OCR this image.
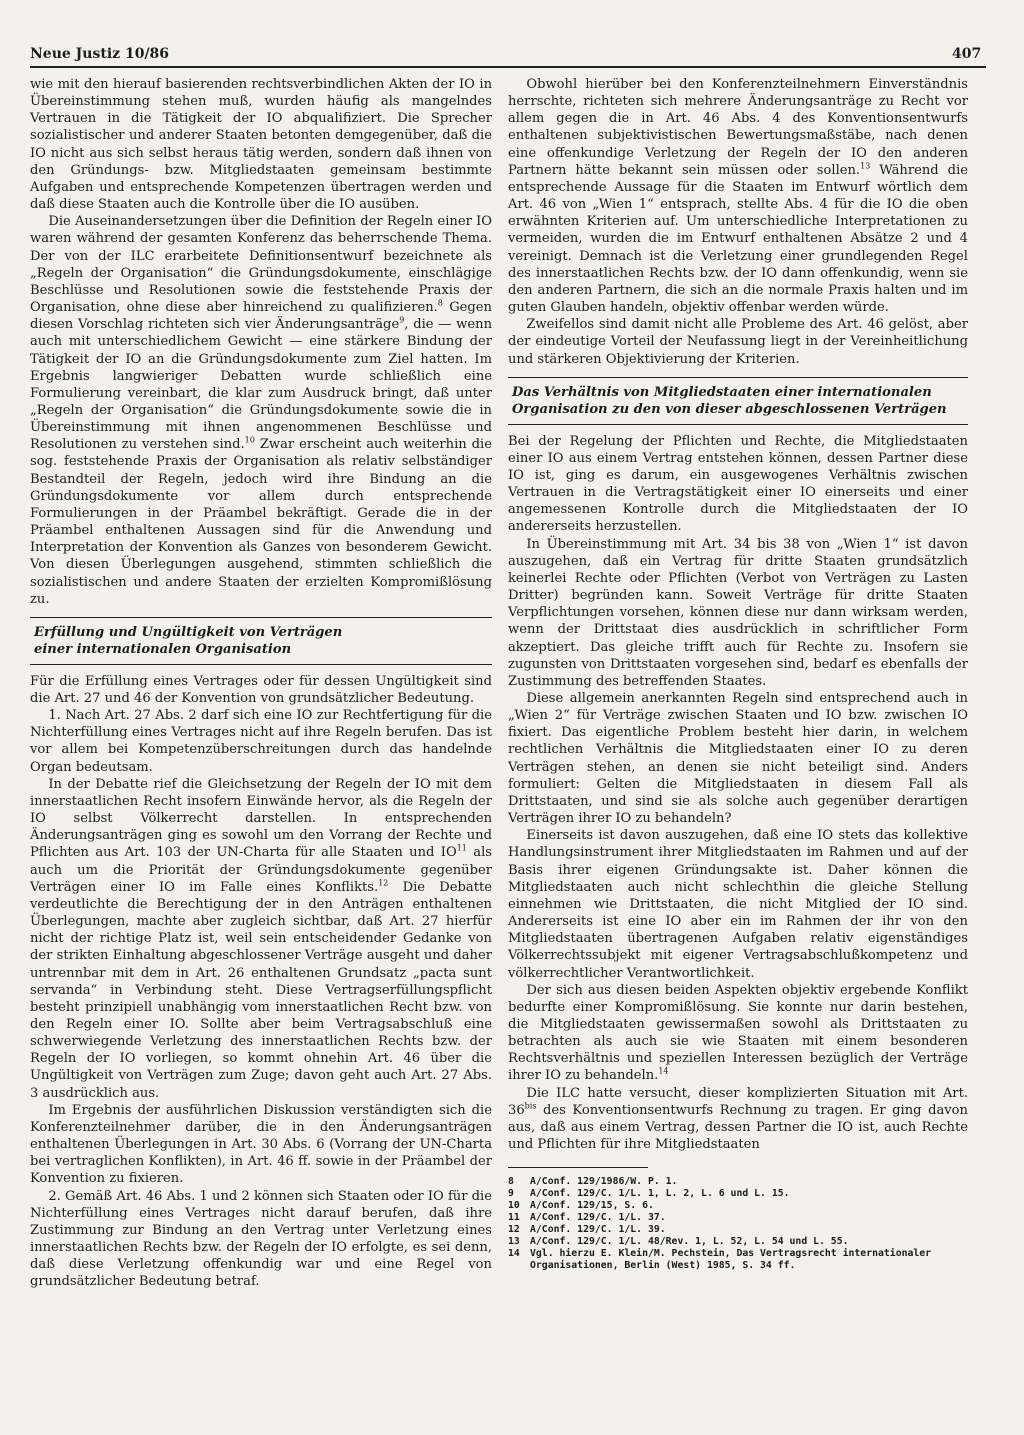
Neue Justiz 10/86	407

wie mit den hierauf basierenden rechtsverbindlichen Akten der IO in Übereinstimmung stehen muß, wurden häufig als mangelndes Vertrauen in die Tätigkeit der IO abqualifiziert. Die Sprecher sozialistischer und anderer Staaten betonten demgegenüber, daß die IO nicht aus sich selbst heraus tätig werden, sondern daß ihnen von den Gründungs- bzw. Mitgliedstaaten gemeinsam bestimmte Aufgaben und entsprechende Kompetenzen übertragen werden und daß diese Staaten auch die Kontrolle über die IO ausüben.

Die Auseinandersetzungen über die Definition der Regeln einer IO waren während der gesamten Konferenz das beherrschende Thema. Der von der ILC erarbeitete Definitionsentwurf bezeichnete als „Regeln der Organisation“ die Gründungsdokumente, einschlägige Beschlüsse und Resolutionen sowie die feststehende Praxis der Organisation, ohne diese aber hinreichend zu qualifizieren.$^8$ Gegen diesen Vorschlag richteten sich vier Änderungsanträge$^9$, die — wenn auch mit unterschiedlichem Gewicht — eine stärkere Bindung der Tätigkeit der IO an die Gründungsdokumente zum Ziel hatten. Im Ergebnis langwieriger Debatten wurde schließlich eine Formulierung vereinbart, die klar zum Ausdruck bringt, daß unter „Regeln der Organisation“ die Gründungsdokumente sowie die in Übereinstimmung mit ihnen angenommenen Beschlüsse und Resolutionen zu verstehen sind.$^{10}$ Zwar erscheint auch weiterhin die sog. feststehende Praxis der Organisation als relativ selbständiger Bestandteil der Regeln, jedoch wird ihre Bindung an die Gründungsdokumente vor allem durch entsprechende Formulierungen in der Präambel bekräftigt. Gerade die in der Präambel enthaltenen Aussagen sind für die Anwendung und Interpretation der Konvention als Ganzes von besonderem Gewicht. Von diesen Überlegungen ausgehend, stimmten schließlich die sozialistischen und andere Staaten der erzielten Kompromißlösung zu.

Erfüllung und Ungültigkeit von Verträgen
einer internationalen Organisation

Für die Erfüllung eines Vertrages oder für dessen Ungültigkeit sind die Art. 27 und 46 der Konvention von grundsätzlicher Bedeutung.

1. Nach Art. 27 Abs. 2 darf sich eine IO zur Rechtfertigung für die Nichterfüllung eines Vertrages nicht auf ihre Regeln berufen. Das ist vor allem bei Kompetenzüberschreitungen durch das handelnde Organ bedeutsam.

In der Debatte rief die Gleichsetzung der Regeln der IO mit dem innerstaatlichen Recht insofern Einwände hervor, als die Regeln der IO selbst Völkerrecht darstellen. In entsprechenden Änderungsanträgen ging es sowohl um den Vorrang der Rechte und Pflichten aus Art. 103 der UN-Charta für alle Staaten und IO$^{11}$ als auch um die Priorität der Gründungsdokumente gegenüber Verträgen einer IO im Falle eines Konflikts.$^{12}$ Die Debatte verdeutlichte die Berechtigung der in den Anträgen enthaltenen Überlegungen, machte aber zugleich sichtbar, daß Art. 27 hierfür nicht der richtige Platz ist, weil sein entscheidender Gedanke von der strikten Einhaltung abgeschlossener Verträge ausgeht und daher untrennbar mit dem in Art. 26 enthaltenen Grundsatz „pacta sunt servanda“ in Verbindung steht. Diese Vertragserfüllungspflicht besteht prinzipiell unabhängig vom innerstaatlichen Recht bzw. von den Regeln einer IO. Sollte aber beim Vertragsabschluß eine schwerwiegende Verletzung des innerstaatlichen Rechts bzw. der Regeln der IO vorliegen, so kommt ohnehin Art. 46 über die Ungültigkeit von Verträgen zum Zuge; davon geht auch Art. 27 Abs. 3 ausdrücklich aus.

Im Ergebnis der ausführlichen Diskussion verständigten sich die Konferenzteilnehmer darüber, die in den Änderungsanträgen enthaltenen Überlegungen in Art. 30 Abs. 6 (Vorrang der UN-Charta bei vertraglichen Konflikten), in Art. 46 ff. sowie in der Präambel der Konvention zu fixieren.

2. Gemäß Art. 46 Abs. 1 und 2 können sich Staaten oder IO für die Nichterfüllung eines Vertrages nicht darauf berufen, daß ihre Zustimmung zur Bindung an den Vertrag unter Verletzung eines innerstaatlichen Rechts bzw. der Regeln der IO erfolgte, es sei denn, daß diese Verletzung offenkundig war und eine Regel von grundsätzlicher Bedeutung betraf.

Obwohl hierüber bei den Konferenzteilnehmern Einverständnis herrschte, richteten sich mehrere Änderungsanträge zu Recht vor allem gegen die in Art. 46 Abs. 4 des Konventionsentwurfs enthaltenen subjektivistischen Bewertungsmaßstäbe, nach denen eine offenkundige Verletzung der Regeln der IO den anderen Partnern hätte bekannt sein müssen oder sollen.$^{13}$ Während die entsprechende Aussage für die Staaten im Entwurf wörtlich dem Art. 46 von „Wien 1“ entsprach, stellte Abs. 4 für die IO die oben erwähnten Kriterien auf. Um unterschiedliche Interpretationen zu vermeiden, wurden die im Entwurf enthaltenen Absätze 2 und 4 vereinigt. Demnach ist die Verletzung einer grundlegenden Regel des innerstaatlichen Rechts bzw. der IO dann offenkundig, wenn sie den anderen Partnern, die sich an die normale Praxis halten und im guten Glauben handeln, objektiv offenbar werden würde.

Zweifellos sind damit nicht alle Probleme des Art. 46 gelöst, aber der eindeutige Vorteil der Neufassung liegt in der Vereinheitlichung und stärkeren Objektivierung der Kriterien.

Das Verhältnis von Mitgliedstaaten einer internationalen
Organisation zu den von dieser abgeschlossenen Verträgen

Bei der Regelung der Pflichten und Rechte, die Mitgliedstaaten einer IO aus einem Vertrag entstehen können, dessen Partner diese IO ist, ging es darum, ein ausgewogenes Verhältnis zwischen Vertrauen in die Vertragstätigkeit einer IO einerseits und einer angemessenen Kontrolle durch die Mitgliedstaaten der IO andererseits herzustellen.

In Übereinstimmung mit Art. 34 bis 38 von „Wien 1“ ist davon auszugehen, daß ein Vertrag für dritte Staaten grundsätzlich keinerlei Rechte oder Pflichten (Verbot von Verträgen zu Lasten Dritter) begründen kann. Soweit Verträge für dritte Staaten Verpflichtungen vorsehen, können diese nur dann wirksam werden, wenn der Drittstaat dies ausdrücklich in schriftlicher Form akzeptiert. Das gleiche trifft auch für Rechte zu. Insofern sie zugunsten von Drittstaaten vorgesehen sind, bedarf es ebenfalls der Zustimmung des betreffenden Staates.

Diese allgemein anerkannten Regeln sind entsprechend auch in „Wien 2“ für Verträge zwischen Staaten und IO bzw. zwischen IO fixiert. Das eigentliche Problem besteht hier darin, in welchem rechtlichen Verhältnis die Mitgliedstaaten einer IO zu deren Verträgen stehen, an denen sie nicht beteiligt sind. Anders formuliert: Gelten die Mitgliedstaaten in diesem Fall als Drittstaaten, und sind sie als solche auch gegenüber derartigen Verträgen ihrer IO zu behandeln?

Einerseits ist davon auszugehen, daß eine IO stets das kollektive Handlungsinstrument ihrer Mitgliedstaaten im Rahmen und auf der Basis ihrer eigenen Gründungsakte ist. Daher können die Mitgliedstaaten auch nicht schlechthin die gleiche Stellung einnehmen wie Drittstaaten, die nicht Mitglied der IO sind. Andererseits ist eine IO aber ein im Rahmen der ihr von den Mitgliedstaaten übertragenen Aufgaben relativ eigenständiges Völkerrechtssubjekt mit eigener Vertragsabschlußkompetenz und völkerrechtlicher Verantwortlichkeit.

Der sich aus diesen beiden Aspekten objektiv ergebende Konflikt bedurfte einer Kompromißlösung. Sie konnte nur darin bestehen, die Mitgliedstaaten gewissermaßen sowohl als Drittstaaten zu betrachten als auch sie wie Staaten mit einem besonderen Rechtsverhältnis und speziellen Interessen bezüglich der Verträge ihrer IO zu behandeln.$^{14}$

Die ILC hatte versucht, dieser komplizierten Situation mit Art. $36^{bis}$ des Konventionsentwurfs Rechnung zu tragen. Er ging davon aus, daß aus einem Vertrag, dessen Partner die IO ist, auch Rechte und Pflichten für ihre Mitgliedstaaten

8	A/Conf. 129/1986/W. P. 1.
9	A/Conf. 129/C. 1/L. 1, L. 2, L. 6 und L. 15.
10	A/Conf. 129/15, S. 6.
11	A/Conf. 129/C. 1/L. 37.
12	A/Conf. 129/C. 1/L. 39.
13	A/Conf. 129/C. 1/L. 48/Rev. 1, L. 52, L. 54 und L. 55.
14	Vgl. hierzu E. Klein/M. Pechstein, Das Vertragsrecht internationaler Organisationen, Berlin (West) 1985, S. 34 ff.
